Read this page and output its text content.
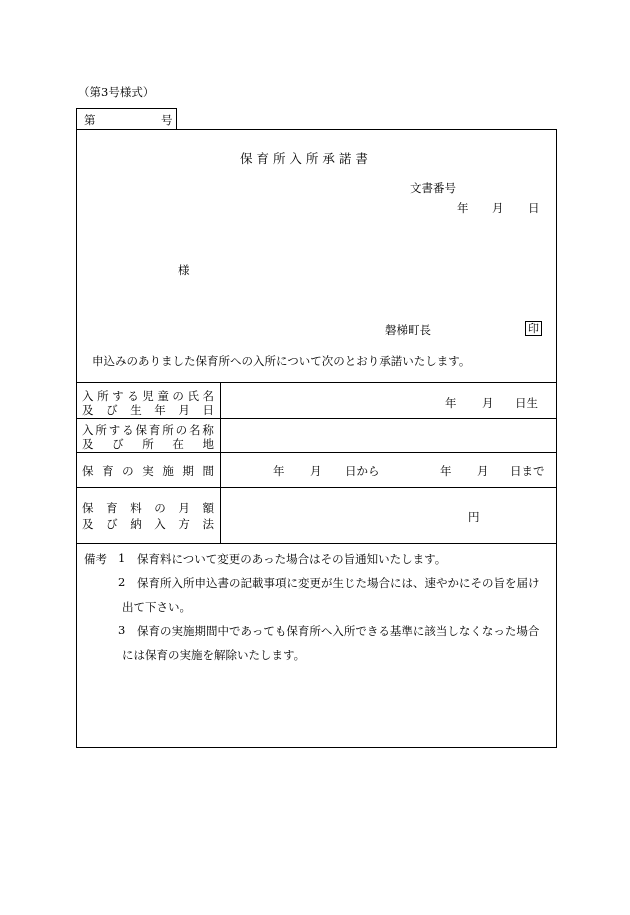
（第3号様式）
第	号
保 育 所 入 所 承 諾 書
文書番号
年 月 日
様
磐梯町長	印
申込みのありました保育所への入所について次のとおり承諾いたします。
入 所 す る 児 童 の 氏 名
及 び 生 年 月 日	年 月 日生
入 所 す る 保 育 所 の 名 称
及 び 所 在 地
保 育 の 実 施 期 間	年 月 日から	年 月 日まで
保 育 料 の 月 額
及 び 納 入 方 法	円
備考 1 保育料について変更のあった場合はその旨通知いたします。
2 保育所入所申込書の記載事項に変更が生じた場合には、速やかにその旨を届け
出て下さい。
3 保育の実施期間中であっても保育所へ入所できる基準に該当しなくなった場合
には保育の実施を解除いたします。
